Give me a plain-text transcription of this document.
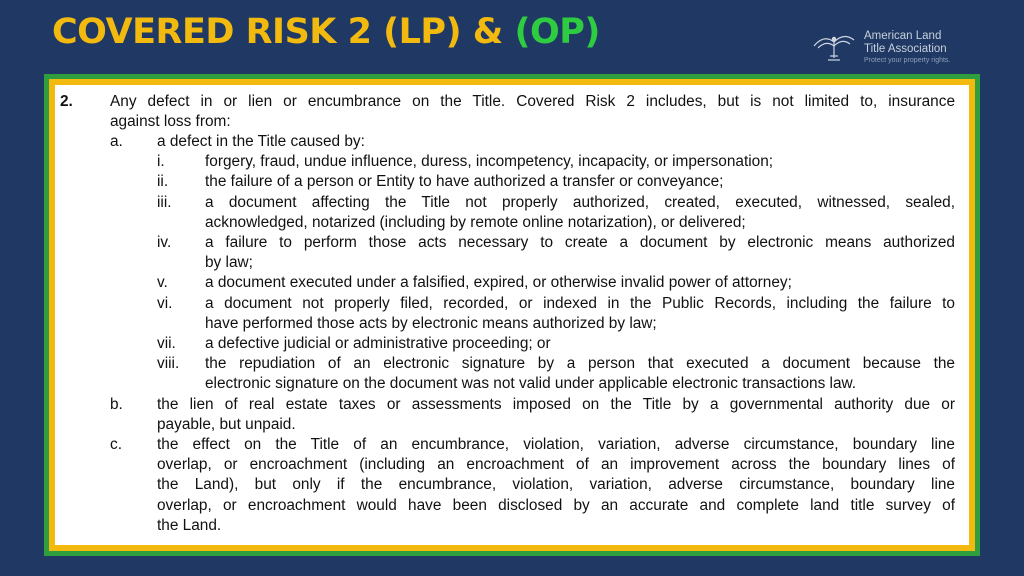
COVERED RISK 2 (LP) & (OP)	American Land
Title Association
Protect your property rights.
2. Any defect in or lien or encumbrance on the Title. Covered Risk 2 includes, but is not limited to, insurance
against loss from:
a. a defect in the Title caused by:
i.	forgery, fraud, undue influence, duress, incompetency, incapacity, or impersonation;
ii. the failure of a person or Entity to have authorized a transfer or conveyance;
iii. a document affecting the Title not properly authorized, created, executed, witnessed, sealed,
acknowledged, notarized (including by remote online notarization), or delivered;
iv. a failure to perform those acts necessary to create a document by electronic means authorized
by law;
v. a document executed under a falsified, expired, or otherwise invalid power of attorney;
vi. a document not properly filed, recorded, or indexed in the Public Records, including the failure to
have performed those acts by electronic means authorized by law;
vii. a defective judicial or administrative proceeding; or
viii. the repudiation of an electronic signature by a person that executed a document because the
electronic signature on the document was not valid under applicable electronic transactions law.
b. the lien of real estate taxes or assessments imposed on the Title by a governmental authority due or
payable, but unpaid.
c. the effect on the Title of an encumbrance, violation, variation, adverse circumstance, boundary line
overlap, or encroachment (including an encroachment of an improvement across the boundary lines of
the Land), but only if the encumbrance, violation, variation, adverse circumstance, boundary line
overlap, or encroachment would have been disclosed by an accurate and complete land title survey of
the Land.
